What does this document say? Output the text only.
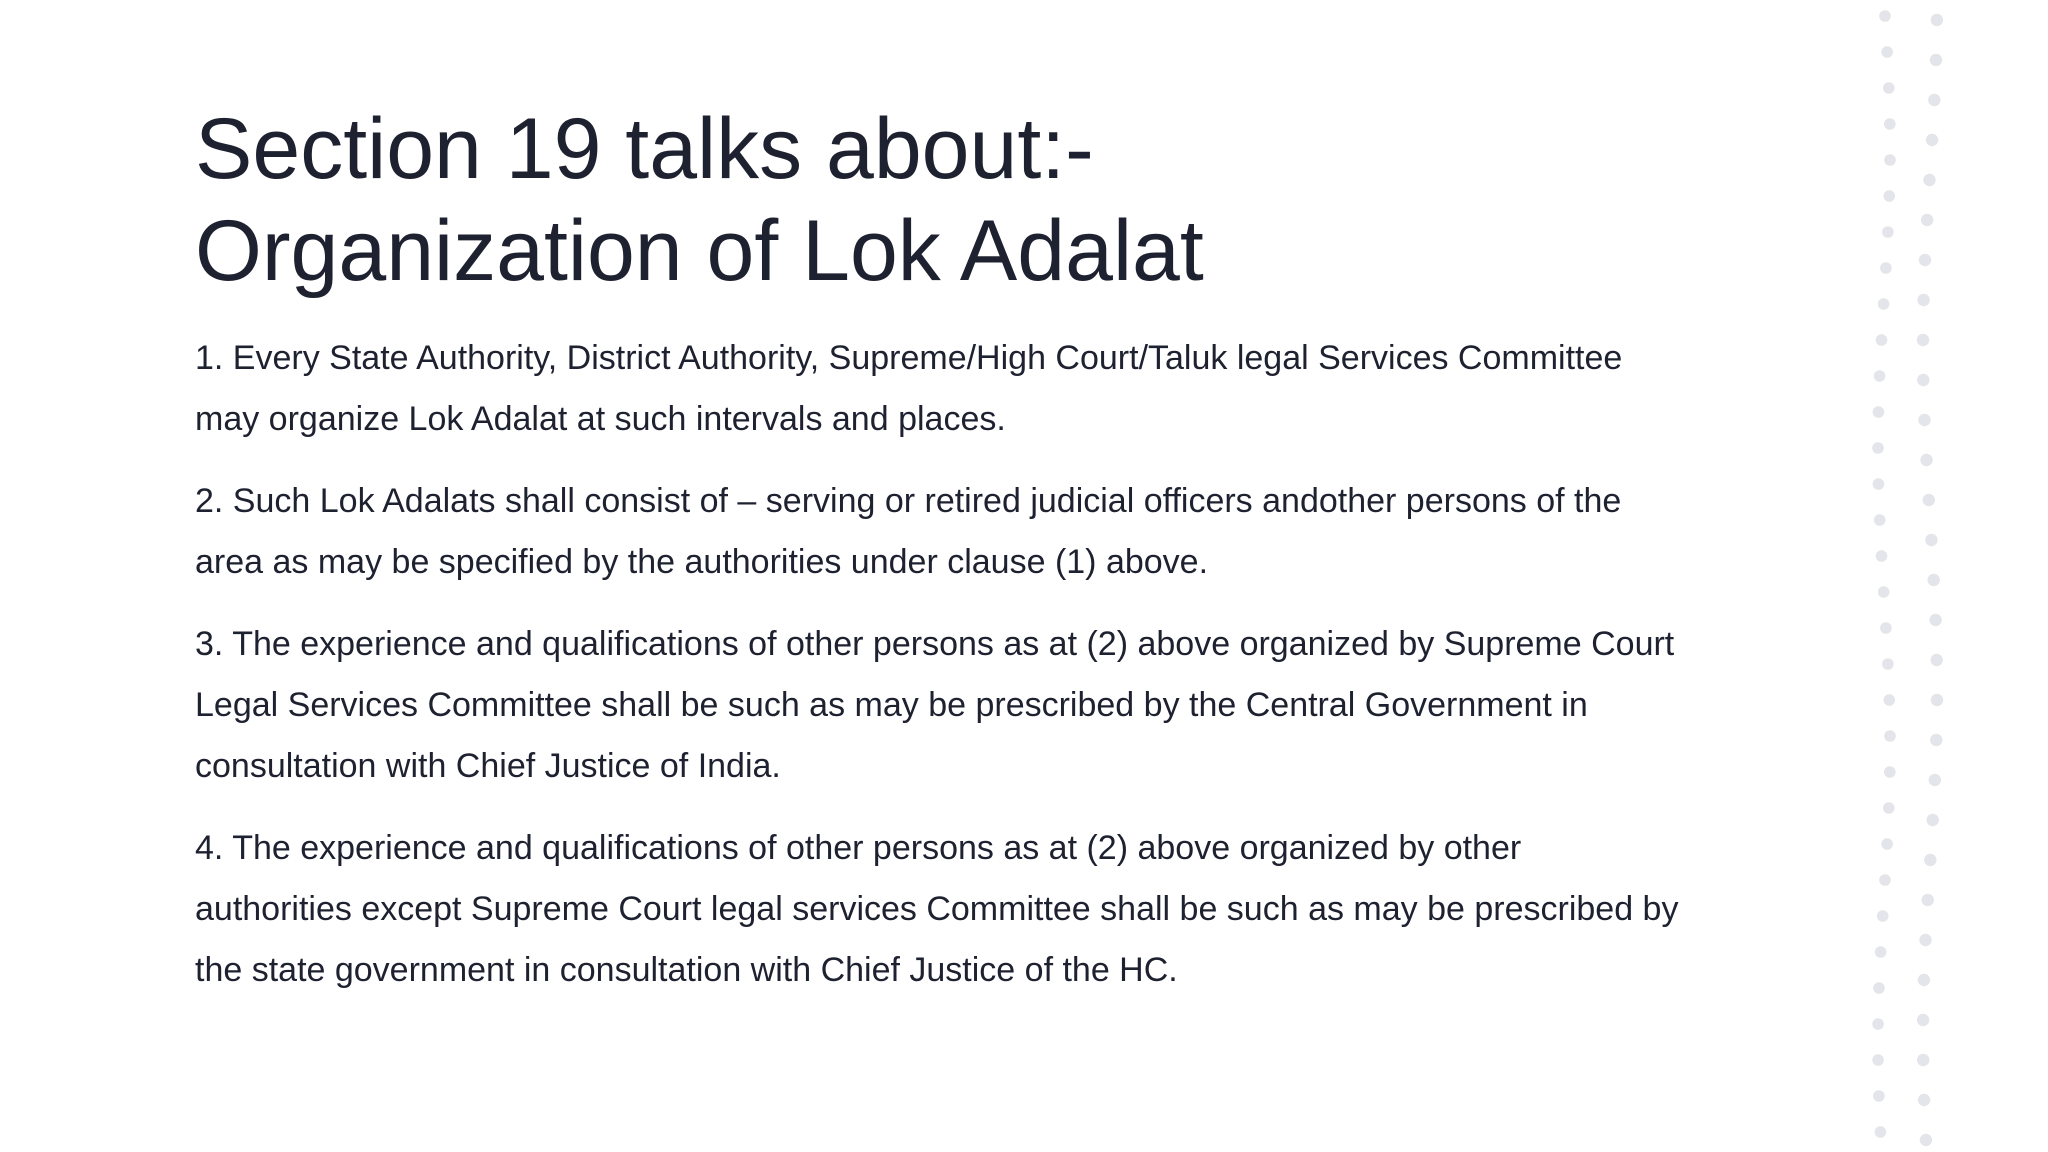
Section 19 talks about:-
Organization of Lok Adalat
1. Every State Authority, District Authority, Supreme/High Court/Taluk legal Services Committee
may organize Lok Adalat at such intervals and places.
2. Such Lok Adalats shall consist of – serving or retired judicial officers andother persons of the
area as may be specified by the authorities under clause (1) above.
3. The experience and qualifications of other persons as at (2) above organized by Supreme Court
Legal Services Committee shall be such as may be prescribed by the Central Government in
consultation with Chief Justice of India.
4. The experience and qualifications of other persons as at (2) above organized by other
authorities except Supreme Court legal services Committee shall be such as may be prescribed by
the state government in consultation with Chief Justice of the HC.
